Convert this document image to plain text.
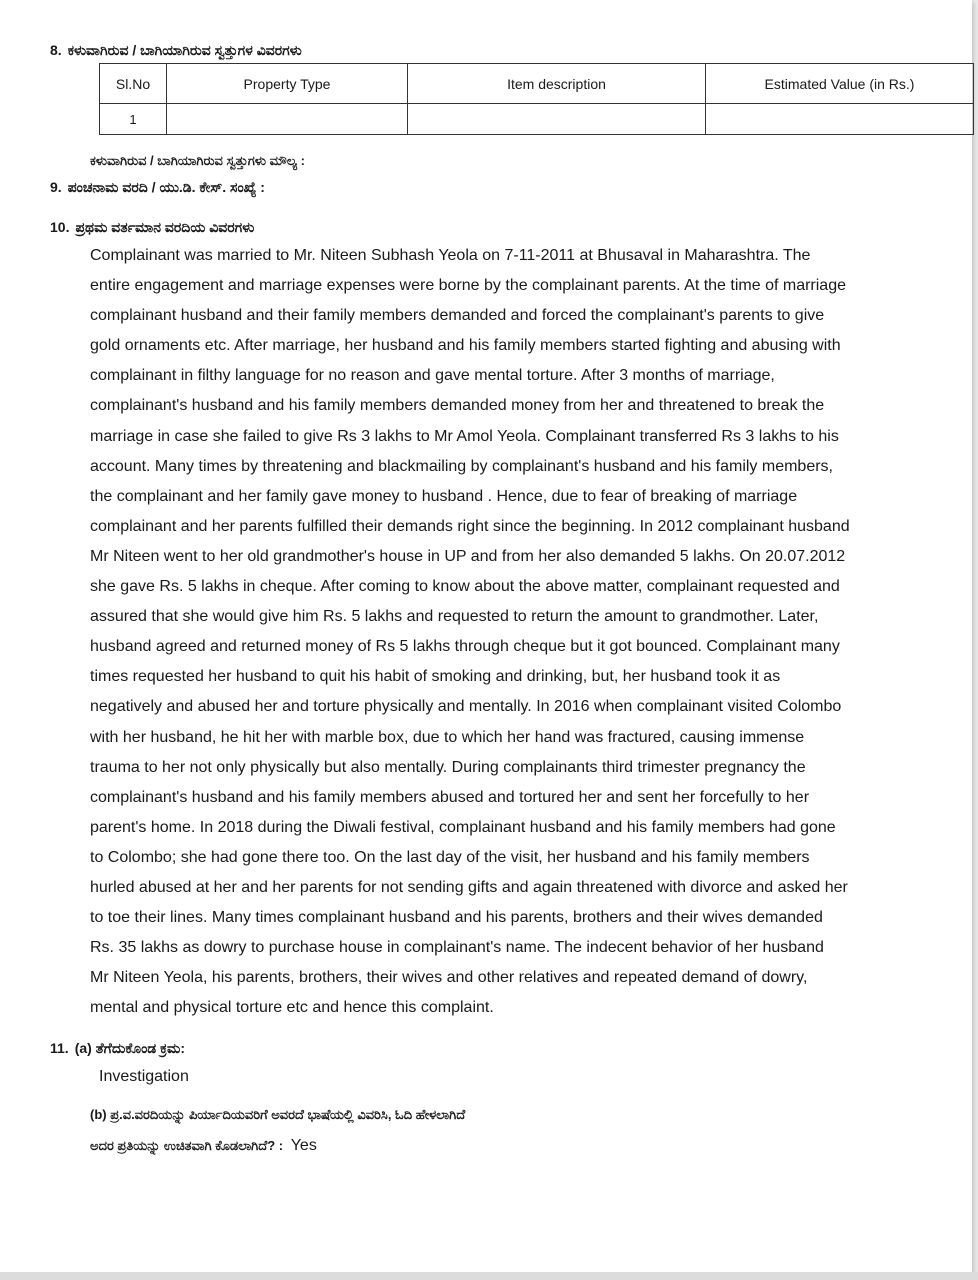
8. ಕಳುವಾಗಿರುವ / ಬಾಗಿಯಾಗಿರುವ ಸ್ವತ್ತುಗಳ ವಿವರಗಳು
Sl.No	Property Type	Item description	Estimated Value (in Rs.)
1			
ಕಳುವಾಗಿರುವ / ಬಾಗಿಯಾಗಿರುವ ಸ್ವತ್ತುಗಳು ಮೌಲ್ಯ :
9. ಪಂಚನಾಮ ವರದಿ / ಯು.ಡಿ. ಕೇಸ್. ಸಂಖ್ಯೆ :
10. ಪ್ರಥಮ ವರ್ತಮಾನ ವರದಿಯ ವಿವರಗಳು

Complainant was married to Mr. Niteen Subhash Yeola on 7-11-2011 at Bhusaval in Maharashtra. The

entire engagement and marriage expenses were borne by the complainant parents. At the time of marriage

complainant husband and their family members demanded and forced the complainant's parents to give

gold ornaments etc. After marriage, her husband and his family members started fighting and abusing with

complainant in filthy language for no reason and gave mental torture. After 3 months of marriage,

complainant's husband and his family members demanded money from her and threatened to break the

marriage in case she failed to give Rs 3 lakhs to Mr Amol Yeola. Complainant transferred Rs 3 lakhs to his

account. Many times by threatening and blackmailing by complainant's husband and his family members,

the complainant and her family gave money to husband . Hence, due to fear of breaking of marriage

complainant and her parents fulfilled their demands right since the beginning. In 2012 complainant husband

Mr Niteen went to her old grandmother's house in UP and from her also demanded 5 lakhs. On 20.07.2012

she gave Rs. 5 lakhs in cheque. After coming to know about the above matter, complainant requested and

assured that she would give him Rs. 5 lakhs and requested to return the amount to grandmother. Later,

husband agreed and returned money of Rs 5 lakhs through cheque but it got bounced. Complainant many

times requested her husband to quit his habit of smoking and drinking, but, her husband took it as

negatively and abused her and torture physically and mentally. In 2016 when complainant visited Colombo

with her husband, he hit her with marble box, due to which her hand was fractured, causing immense

trauma to her not only physically but also mentally. During complainants third trimester pregnancy the

complainant's husband and his family members abused and tortured her and sent her forcefully to her

parent's home. In 2018 during the Diwali festival, complainant husband and his family members had gone

to Colombo; she had gone there too. On the last day of the visit, her husband and his family members

hurled abused at her and her parents for not sending gifts and again threatened with divorce and asked her

to toe their lines. Many times complainant husband and his parents, brothers and their wives demanded

Rs. 35 lakhs as dowry to purchase house in complainant's name. The indecent behavior of her husband

Mr Niteen Yeola, his parents, brothers, their wives and other relatives and repeated demand of dowry,

mental and physical torture etc and hence this complaint.

11. (a) ತೆಗೆದುಕೊಂಡ ಕ್ರಮ:
Investigation
(b) ಪ್ರ.ವ.ವರದಿಯನ್ನು ಪಿರ್ಯಾದಿಯವರಿಗೆ ಅವರದೆ ಭಾಷೆಯಲ್ಲಿ ವಿವರಿಸಿ, ಓದಿ ಹೇಳಲಾಗಿದೆ
ಅದರ ಪ್ರತಿಯನ್ನು ಉಚಿತವಾಗಿ ಕೊಡಲಾಗಿದೆ? : Yes
